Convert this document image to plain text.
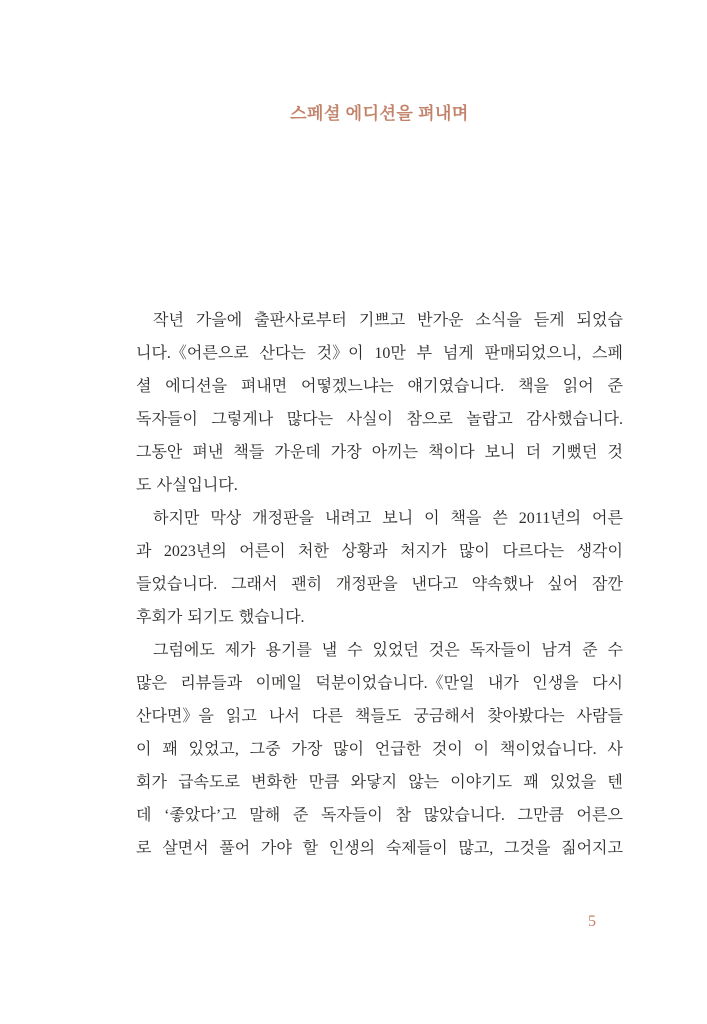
스페셜 에디션을 펴내며
작년 가을에 출판사로부터 기쁘고 반가운 소식을 듣게 되었습
니다.《어른으로 산다는 것》이 10만 부 넘게 판매되었으니, 스페
셜 에디션을 펴내면 어떻겠느냐는 얘기였습니다. 책을 읽어 준
독자들이 그렇게나 많다는 사실이 참으로 놀랍고 감사했습니다.
그동안 펴낸 책들 가운데 가장 아끼는 책이다 보니 더 기뻤던 것
도 사실입니다.
하지만 막상 개정판을 내려고 보니 이 책을 쓴 2011년의 어른
과 2023년의 어른이 처한 상황과 처지가 많이 다르다는 생각이
들었습니다. 그래서 괜히 개정판을 낸다고 약속했나 싶어 잠깐
후회가 되기도 했습니다.
그럼에도 제가 용기를 낼 수 있었던 것은 독자들이 남겨 준 수
많은 리뷰들과 이메일 덕분이었습니다.《만일 내가 인생을 다시
산다면》을 읽고 나서 다른 책들도 궁금해서 찾아봤다는 사람들
이 꽤 있었고, 그중 가장 많이 언급한 것이 이 책이었습니다. 사
회가 급속도로 변화한 만큼 와닿지 않는 이야기도 꽤 있었을 텐
데 ‘좋았다’고 말해 준 독자들이 참 많았습니다. 그만큼 어른으
로 살면서 풀어 가야 할 인생의 숙제들이 많고, 그것을 짊어지고
5
